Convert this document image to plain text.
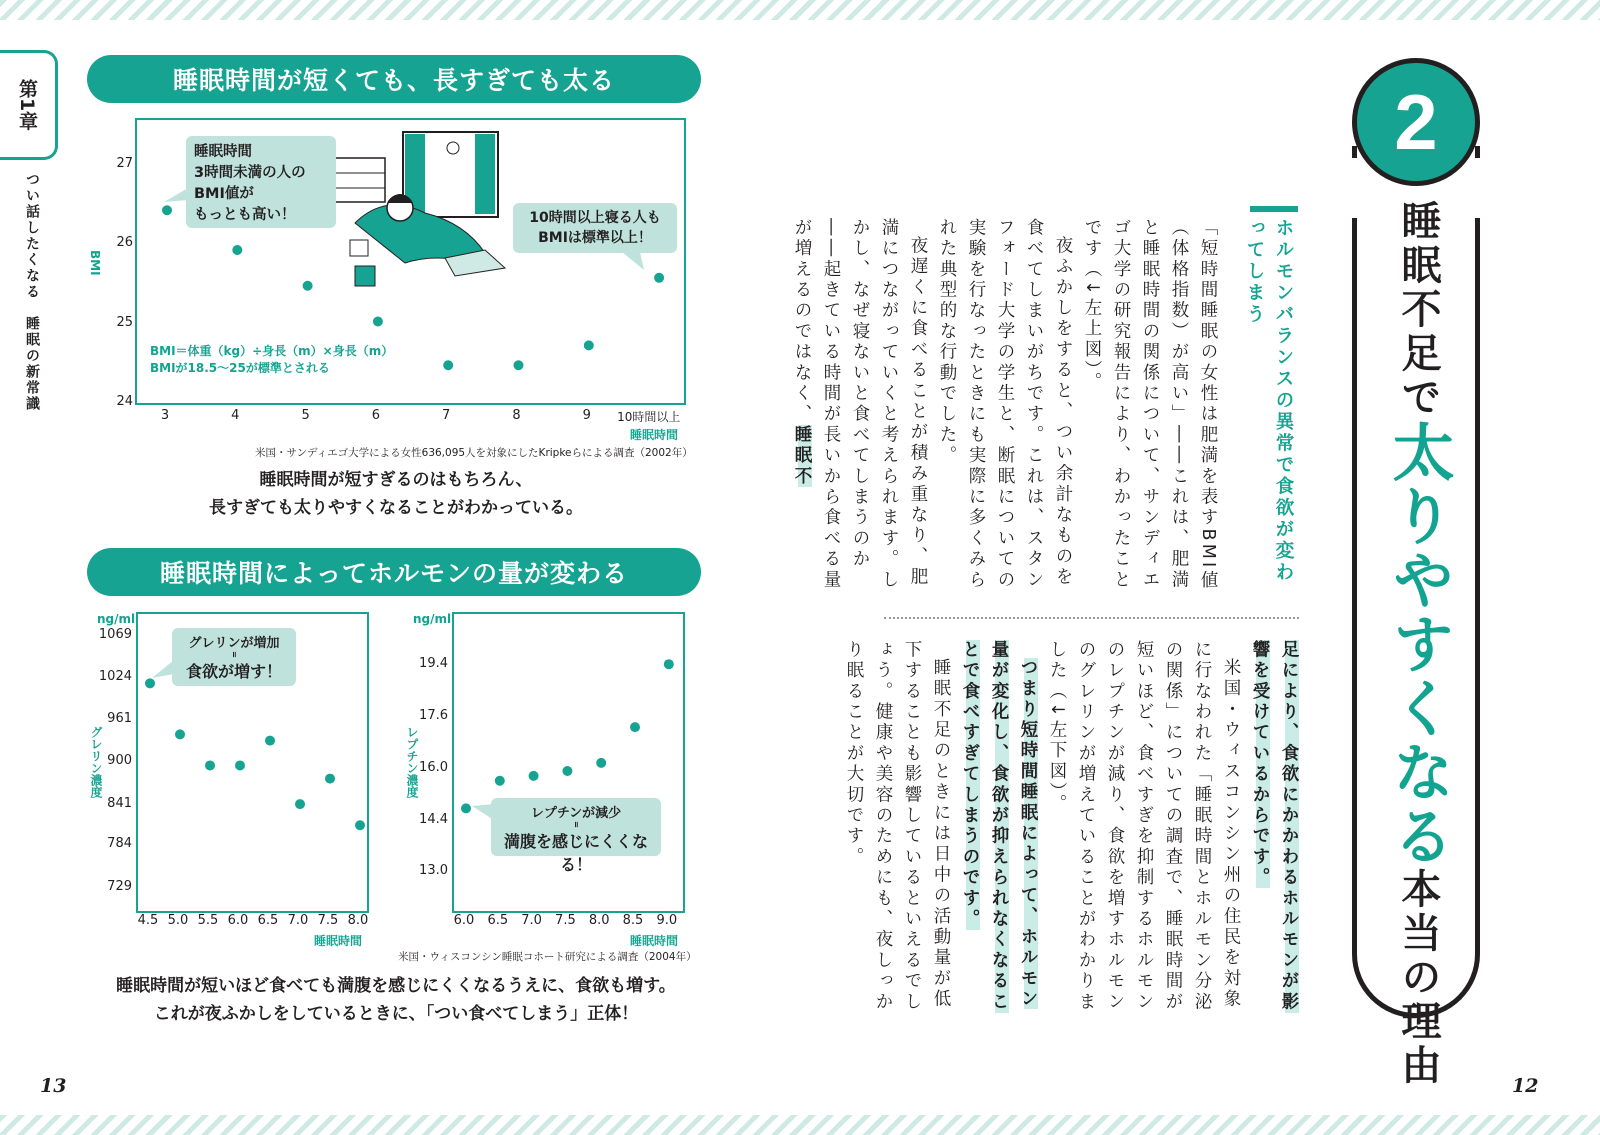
第1章
つい話したくなる　睡眠の新常識
睡眠時間が短くても、長すぎても太る
24
25
26
27
3	4	5	6	7	8	9	10時間以上
BMI
睡眠時間
睡眠時間
3時間未満の人の
BMI値が
もっとも高い！	10時間以上寝る人も
BMIは標準以上！
BMI＝体重（kg）÷身長（m）×身長（m）
BMIが18.5～25が標準とされる
米国・サンディエゴ大学による女性636,095人を対象にしたKripkeらによる調査（2002年）
睡眠時間が短すぎるのはもちろん、
長すぎても太りやすくなることがわかっている。
睡眠時間によってホルモンの量が変わる
ng/ml
グレリン濃度
睡眠時間
グレリンが増加
॥
食欲が増す！
ng/ml
レプチン濃度
睡眠時間
レプチンが減少
॥
満腹を感じにくくなる！
729
784
841
900
961
1024
1069
4.5 5.0 5.5 6.0 6.5 7.0 7.5 8.0
13.0
14.4
16.0
17.6
19.4
6.0	6.5	7.0	7.5	8.0	8.5	9.0
米国・ウィスコンシン睡眠コホート研究による調査（2004年）
睡眠時間が短いほど食べても満腹を感じにくくなるうえに、食欲も増す。
これが夜ふかしをしているときに、「つい食べてしまう」正体！
13
2
睡眠不足で太りやすくなる本当の理由
ホルモンバランスの異常で食欲が変わってしまう

「短時間睡眠の女性は肥満を表すBMI値（体格指数）が高い」――これは、肥満と睡眠時間の関係について、サンディエゴ大学の研究報告により、わかったことです（↓左上図）。

夜ふかしをすると、つい余計なものを食べてしまいがちです。これは、スタンフォード大学の学生と、断眠についての実験を行なったときにも実際に多くみられた典型的な行動でした。

夜遅くに食べることが積み重なり、肥満につながっていくと考えられます。しかし、なぜ寝ないと食べてしまうのか――起きている時間が長いから食べる量が増えるのではなく、睡眠不

足により、食欲にかかわるホルモンが影響を受けているからです。

米国・ウィスコンシン州の住民を対象に行なわれた「睡眠時間とホルモン分泌の関係」についての調査で、睡眠時間が短いほど、食べすぎを抑制するホルモンのレプチンが減り、食欲を増すホルモンのグレリンが増えていることがわかりました（↓左下図）。

つまり短時間睡眠によって、ホルモン量が変化し、食欲が抑えられなくなることで食べすぎてしまうのです。

睡眠不足のときには日中の活動量が低下することも影響しているといえるでしょう。健康や美容のためにも、夜しっかり眠ることが大切です。

12
